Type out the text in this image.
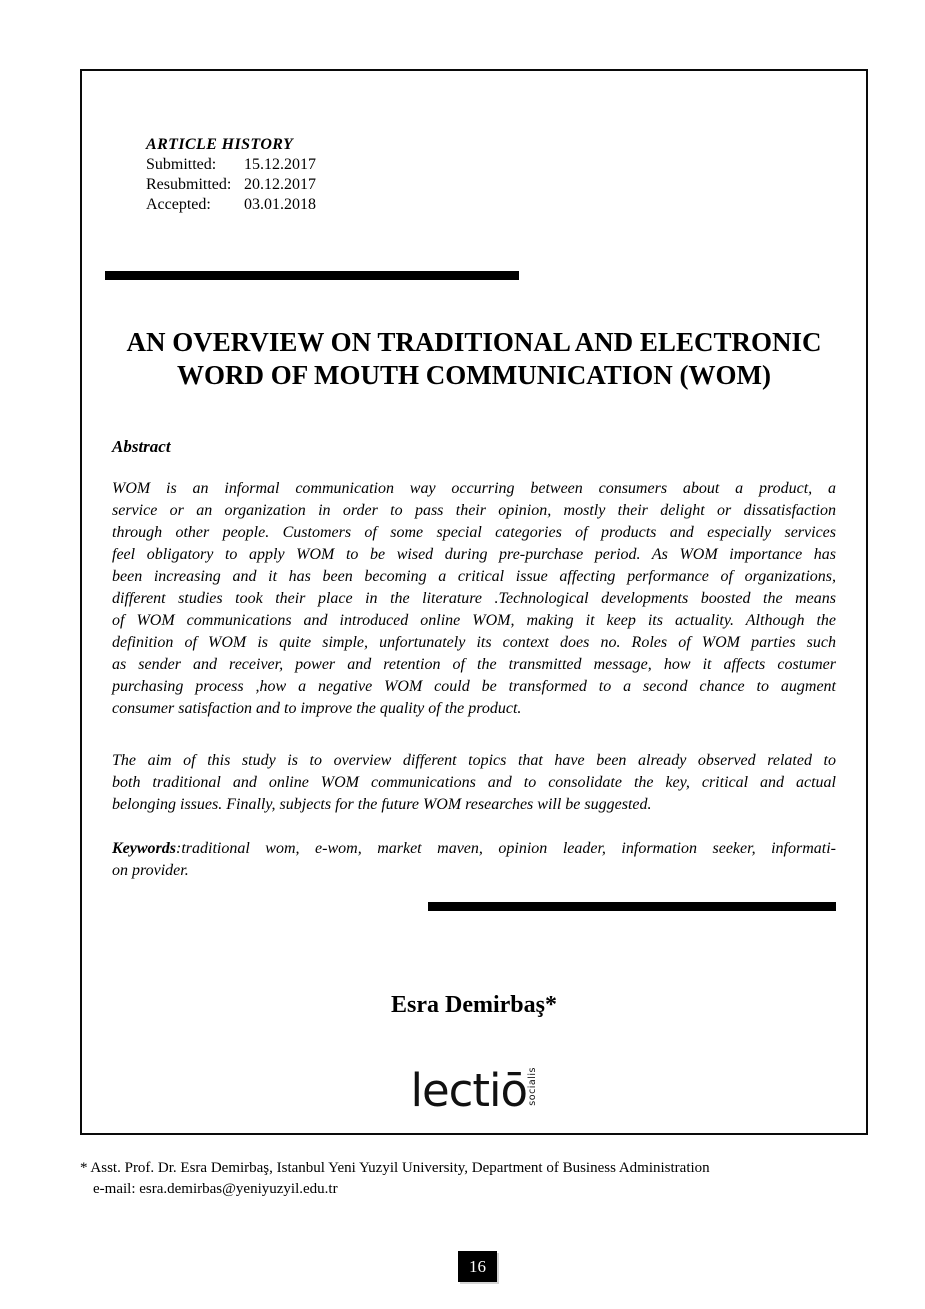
ARTICLE HISTORY
Submitted:	15.12.2017
Resubmitted: 20.12.2017
Accepted:	03.01.2018
AN OVERVIEW ON TRADITIONAL AND ELECTRONIC
WORD OF MOUTH COMMUNICATION (WOM)
Abstract
WOM is an informal communication way occurring between consumers about a product, a
service or an organization in order to pass their opinion, mostly their delight or dissatisfaction
through other people. Customers of some special categories of products and especially services
feel obligatory to apply WOM to be wised during pre-purchase period. As WOM importance has
been increasing and it has been becoming a critical issue affecting performance of organizations,
different studies took their place in the literature .Technological developments boosted the means
of WOM communications and introduced online WOM, making it keep its actuality. Although the
definition of WOM is quite simple, unfortunately its context does no. Roles of WOM parties such
as sender and receiver, power and retention of the transmitted message, how it affects costumer
purchasing process ,how a negative WOM could be transformed to a second chance to augment
consumer satisfaction and to improve the quality of the product.
The aim of this study is to overview different topics that have been already observed related to
both traditional and online WOM communications and to consolidate the key, critical and actual
belonging issues. Finally, subjects for the future WOM researches will be suggested.
Keywords:traditional wom, e-wom, market maven, opinion leader, information seeker, informati-
on provider.
Esra Demirbaş*
lectiō socialis
* Asst. Prof. Dr. Esra Demirbaş, Istanbul Yeni Yuzyil University, Department of Business Administration
e-mail: esra.demirbas@yeniyuzyil.edu.tr
16
